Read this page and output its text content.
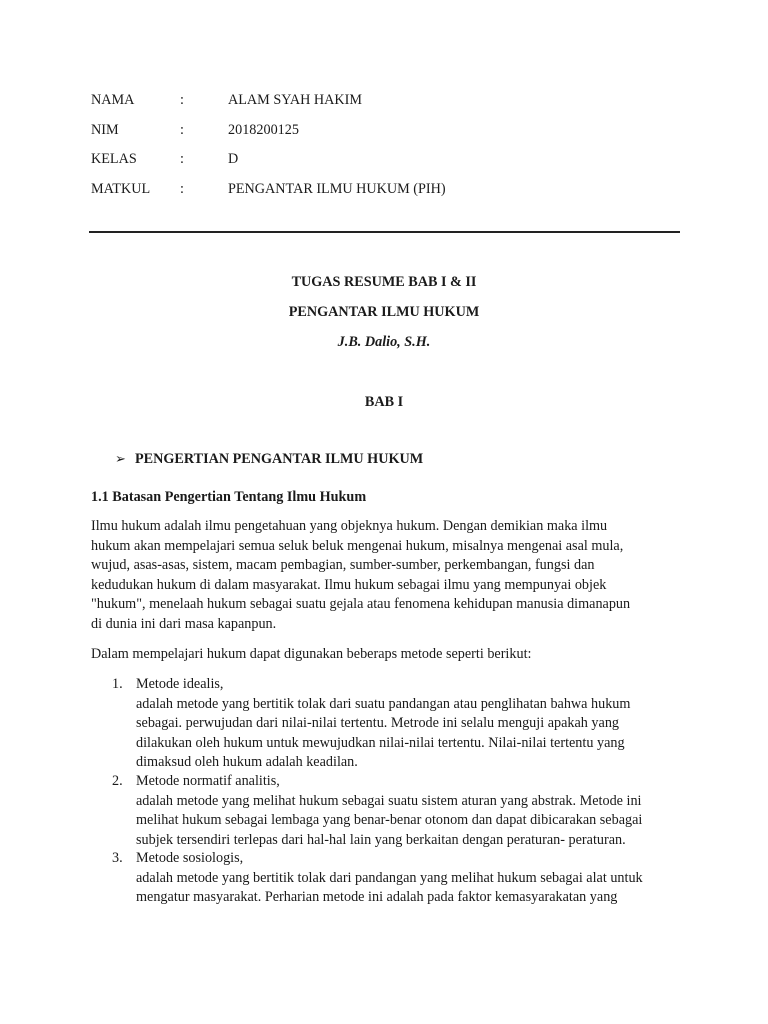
NAMA	:	ALAM SYAH HAKIM
NIM	:	2018200125
KELAS	:	D
MATKUL :	PENGANTAR ILMU HUKUM (PIH)
TUGAS RESUME BAB I & II
PENGANTAR ILMU HUKUM
J.B. Dalio, S.H.
BAB I
➢ PENGERTIAN PENGANTAR ILMU HUKUM
1.1 Batasan Pengertian Tentang Ilmu Hukum
Ilmu hukum adalah ilmu pengetahuan yang objeknya hukum. Dengan demikian maka ilmu
hukum akan mempelajari semua seluk beluk mengenai hukum, misalnya mengenai asal mula,
wujud, asas-asas, sistem, macam pembagian, sumber-sumber, perkembangan, fungsi dan
kedudukan hukum di dalam masyarakat. Ilmu hukum sebagai ilmu yang mempunyai objek
"hukum", menelaah hukum sebagai suatu gejala atau fenomena kehidupan manusia dimanapun
di dunia ini dari masa kapanpun.
Dalam mempelajari hukum dapat digunakan beberaps metode seperti berikut:
1. Metode idealis,
adalah metode yang bertitik tolak dari suatu pandangan atau penglihatan bahwa hukum
sebagai. perwujudan dari nilai-nilai tertentu. Metrode ini selalu menguji apakah yang
dilakukan oleh hukum untuk mewujudkan nilai-nilai tertentu. Nilai-nilai tertentu yang
dimaksud oleh hukum adalah keadilan.
2. Metode normatif analitis,
adalah metode yang melihat hukum sebagai suatu sistem aturan yang abstrak. Metode ini
melihat hukum sebagai lembaga yang benar-benar otonom dan dapat dibicarakan sebagai
subjek tersendiri terlepas dari hal-hal lain yang berkaitan dengan peraturan- peraturan.
3. Metode sosiologis,
adalah metode yang bertitik tolak dari pandangan yang melihat hukum sebagai alat untuk
mengatur masyarakat. Perharian metode ini adalah pada faktor kemasyarakatan yang
